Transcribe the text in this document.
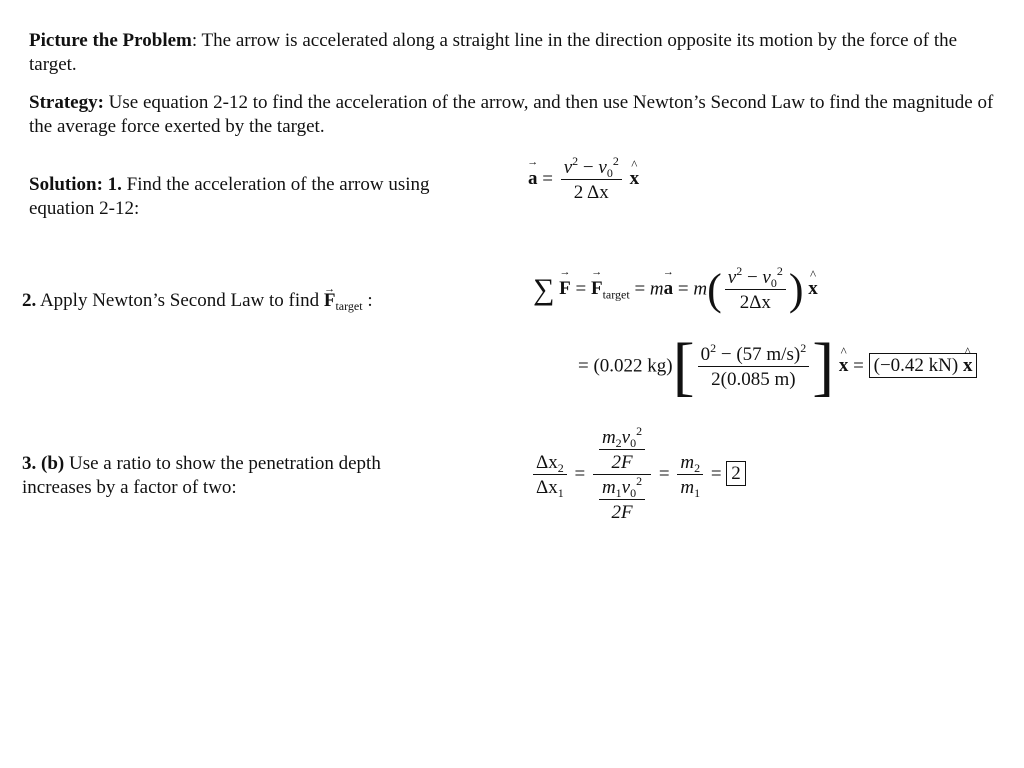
Picture the Problem: The arrow is accelerated along a straight line in the direction opposite its motion by the force of the target.
Strategy: Use equation 2-12 to find the acceleration of the arrow, and then use Newton’s Second Law to find the magnitude of the average force exerted by the target.
Solution: 1. Find the acceleration of the arrow using equation 2-12:
→ $a = \frac{v^2 - v_0^2}{2 \Delta x}$ ^ x
2. Apply Newton’s Second Law to find → $F_{target}$ :	∑ → F = → $F_{target} = m\to a = m( \frac{v^2 - v_0^2}{2\Delta x}$ ) ^ x
= (0.022 $kg)[ \frac{0^2 - (57 m/s)^2}{2(0.085 m)}$ ] ^ x = (−0.42 kN) ^ x
3. (b) Use a ratio to show the penetration depth increases by a factor of two:	$\frac{\Delta x_2}{\Delta x_1} = \frac{\frac{m_2v_0^2}{2F}}{\frac{m_1v_0^2}{2F}} = \frac{m_2}{m_1} = 2$
